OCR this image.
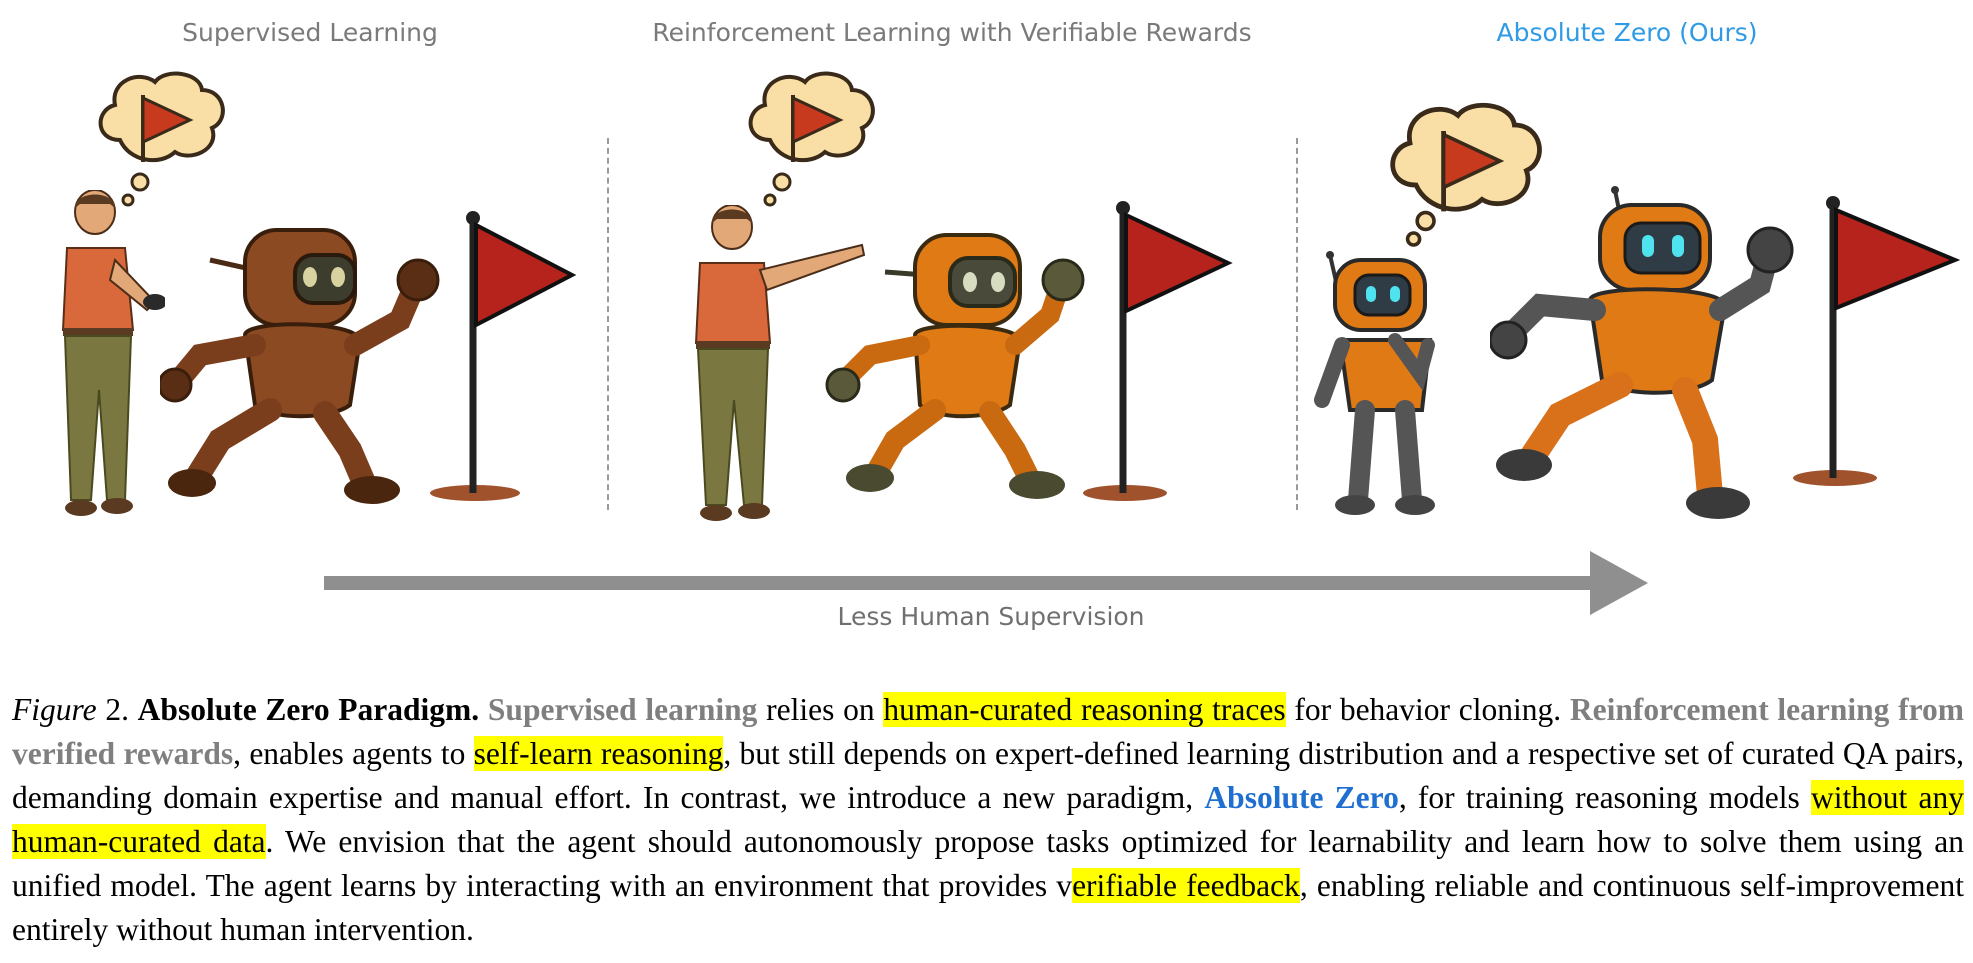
Supervised Learning	Reinforcement Learning with Verifiable Rewards	Absolute Zero (Ours)
Less Human Supervision
Figure 2. Absolute Zero Paradigm. Supervised learning relies on human-curated reasoning traces for behavior cloning. Reinforcement learning from verified rewards, enables agents to self-learn reasoning, but still depends on expert-defined learning distribution and a respective set of curated QA pairs, demanding domain expertise and manual effort. In contrast, we introduce a new paradigm, Absolute Zero, for training reasoning models without any human-curated data. We envision that the agent should autonomously propose tasks optimized for learnability and learn how to solve them using an unified model. The agent learns by interacting with an environment that provides verifiable feedback, enabling reliable and continuous self-improvement entirely without human intervention.
